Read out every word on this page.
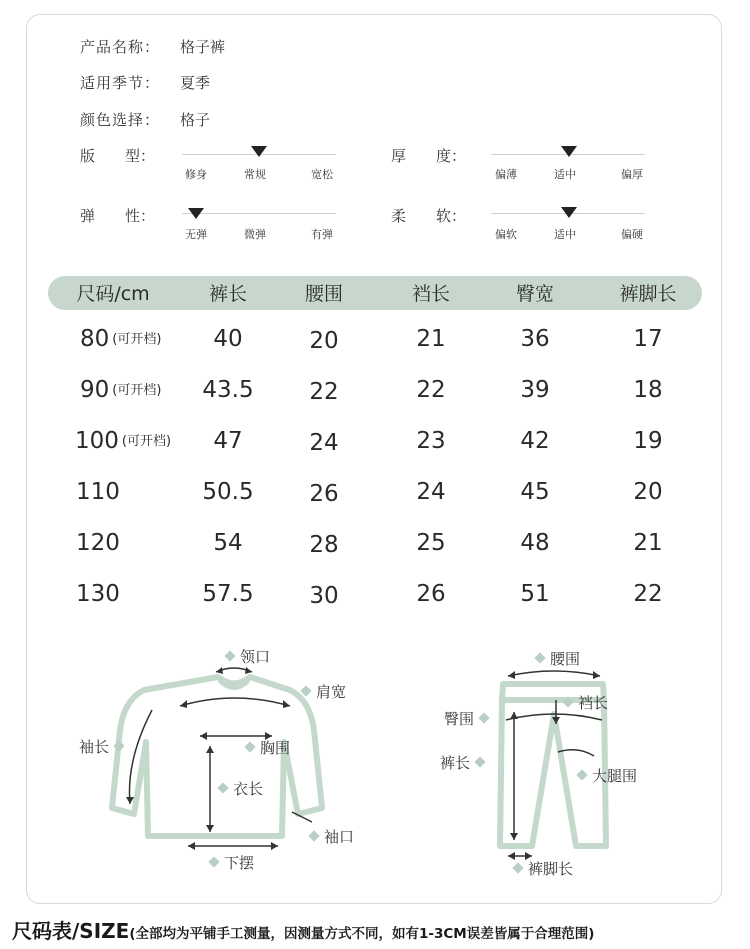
产品名称： 格子裤
适用季节： 夏季
颜色选择： 格子
版　　型：
修身	常规	宽松
厚　　度：
偏薄	适中	偏厚
弹　　性：
无弹	微弹	有弹
柔　　软：
偏软	适中	偏硬
尺码/cm	裤长	腰围	裆长	臀宽	裤脚长
80 (可开档)	40	20	21	36	17
90 (可开档)	43.5	22	22	39	18
100 (可开档)	47	24	23	42	19
110	50.5	26	24	45	20
120	54	28	25	48	21
130	57.5	30	26	51	22
领口
肩宽
袖长	胸围
衣长
袖口
下摆
腰围
臀围
裆长
裤长
大腿围
裤脚长
尺码表/SIZE(全部均为平铺手工测量，因测量方式不同，如有1-3CM误差皆属于合理范围)
